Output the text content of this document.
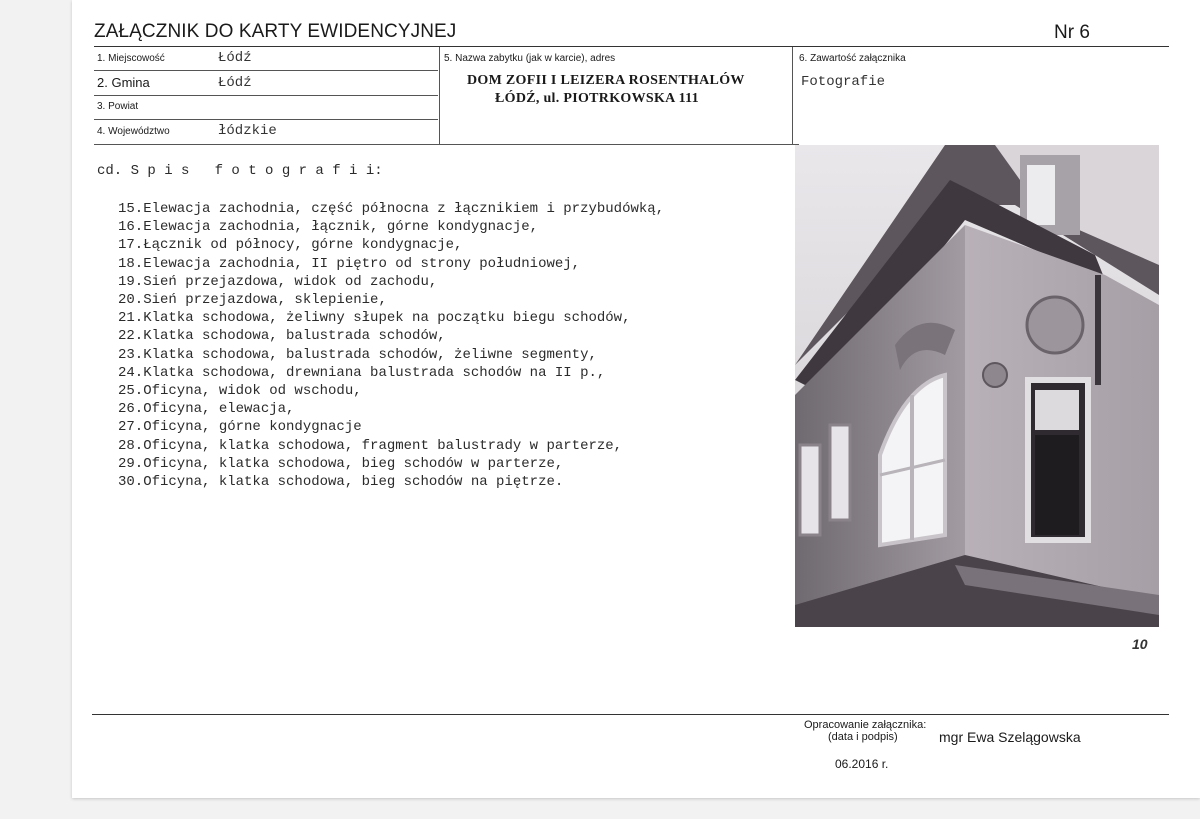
ZAŁĄCZNIK DO KARTY EWIDENCYJNEJ	Nr 6
1. Miejscowość	Łódź
2. Gmina	Łódź
3. Powiat
4. Województwo	łódzkie
5. Nazwa zabytku (jak w karcie), adres
DOM ZOFII I LEIZERA ROSENTHALÓW
ŁÓDŹ, ul. PIOTRKOWSKA 111
6. Zawartość załącznika
Fotografie
cd. S p i s   f o t o g r a f i i:
15.Elewacja zachodnia, część północna z łącznikiem i przybudówką,
16.Elewacja zachodnia, łącznik, górne kondygnacje,
17.Łącznik od północy, górne kondygnacje,
18.Elewacja zachodnia, II piętro od strony południowej,
19.Sień przejazdowa, widok od zachodu,
20.Sień przejazdowa, sklepienie,
21.Klatka schodowa, żeliwny słupek na początku biegu schodów,
22.Klatka schodowa, balustrada schodów,
23.Klatka schodowa, balustrada schodów, żeliwne segmenty,
24.Klatka schodowa, drewniana balustrada schodów na II p.,
25.Oficyna, widok od wschodu,
26.Oficyna, elewacja,
27.Oficyna, górne kondygnacje
28.Oficyna, klatka schodowa, fragment balustrady w parterze,
29.Oficyna, klatka schodowa, bieg schodów w parterze,
30.Oficyna, klatka schodowa, bieg schodów na piętrze.
10
Opracowanie załącznika:
(data i podpis)	mgr Ewa Szelągowska
06.2016 r.
